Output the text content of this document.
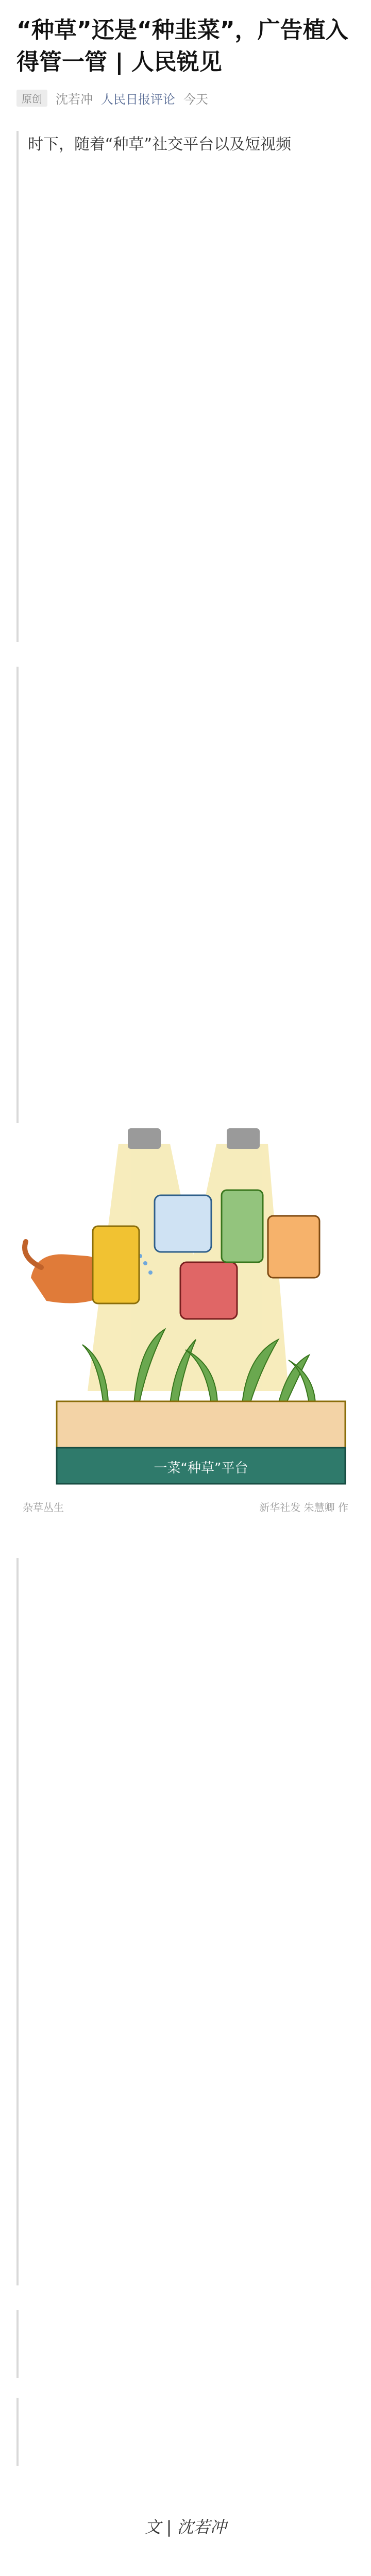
“种草”还是“种韭菜”，广告植入得管一管 | 人民锐见
原创	沈若冲 人民日报评论 今天
时下，随着“种草”社交平台以及短视频
一菜“种草”平台
杂草丛生	新华社发 朱慧卿 作
文 | 沈若冲
